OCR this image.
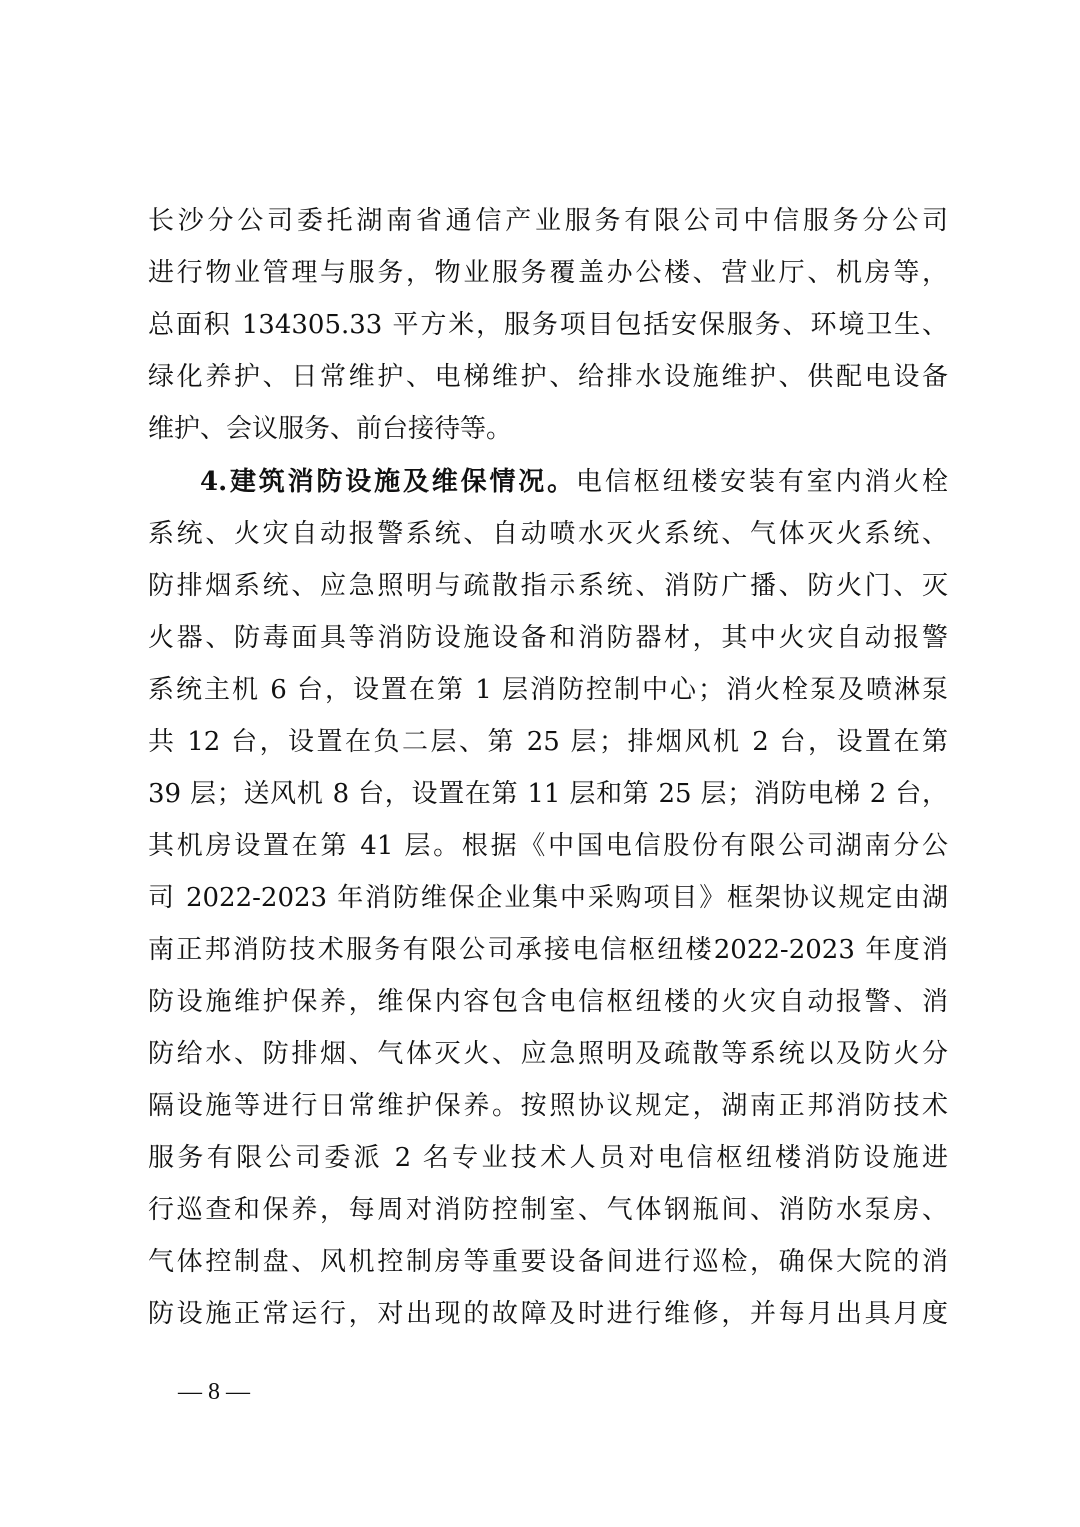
长沙分公司委托湖南省通信产业服务有限公司中信服务分公司
进行物业管理与服务，物业服务覆盖办公楼、营业厅、机房等，
总面积 134305.33 平方米，服务项目包括安保服务、环境卫生、
绿化养护、日常维护、电梯维护、给排水设施维护、供配电设备
维护、会议服务、前台接待等。
4.建筑消防设施及维保情况。电信枢纽楼安装有室内消火栓
系统、火灾自动报警系统、自动喷水灭火系统、气体灭火系统、
防排烟系统、应急照明与疏散指示系统、消防广播、防火门、灭
火器、防毒面具等消防设施设备和消防器材，其中火灾自动报警
系统主机 6 台，设置在第 1 层消防控制中心；消火栓泵及喷淋泵
共 12 台，设置在负二层、第 25 层；排烟风机 2 台，设置在第
39 层；送风机 8 台，设置在第 11 层和第 25 层；消防电梯 2 台，
其机房设置在第 41 层。根据《中国电信股份有限公司湖南分公
司 2022-2023 年消防维保企业集中采购项目》框架协议规定由湖
南正邦消防技术服务有限公司承接电信枢纽楼2022-2023 年度消
防设施维护保养，维保内容包含电信枢纽楼的火灾自动报警、消
防给水、防排烟、气体灭火、应急照明及疏散等系统以及防火分
隔设施等进行日常维护保养。按照协议规定，湖南正邦消防技术
服务有限公司委派 2 名专业技术人员对电信枢纽楼消防设施进
行巡查和保养，每周对消防控制室、气体钢瓶间、消防水泵房、
气体控制盘、风机控制房等重要设备间进行巡检，确保大院的消
防设施正常运行，对出现的故障及时进行维修，并每月出具月度
— 8 —
